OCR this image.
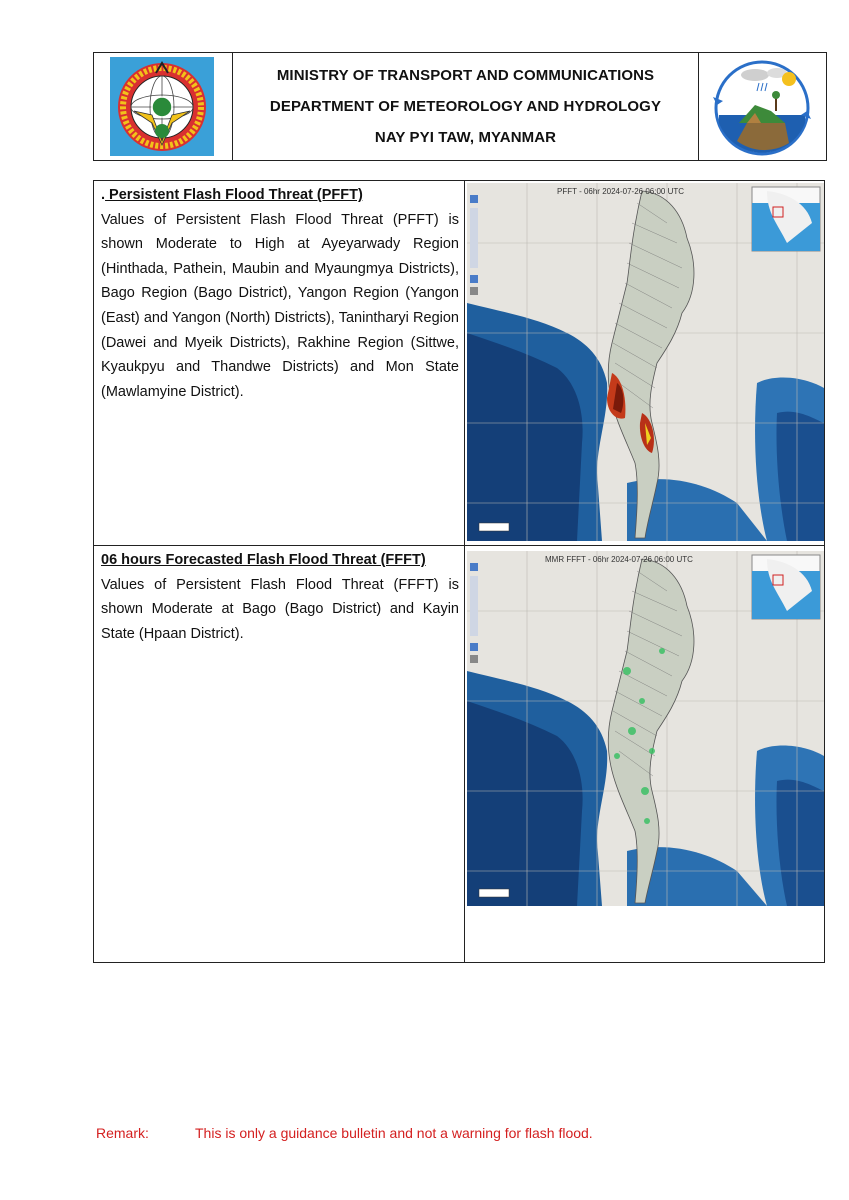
MINISTRY OF TRANSPORT AND COMMUNICATIONS
DEPARTMENT OF METEOROLOGY AND HYDROLOGY
NAY PYI TAW, MYANMAR
. Persistent Flash Flood Threat (PFFT)
Values of Persistent Flash Flood Threat (PFFT) is shown Moderate to High at Ayeyarwady Region (Hinthada, Pathein, Maubin and Myaungmya Districts), Bago Region (Bago District), Yangon Region (Yangon (East) and Yangon (North) Districts), Tanintharyi Region (Dawei and Myeik Districts), Rakhine Region (Sittwe, Kyaukpyu and Thandwe Districts) and Mon State (Mawlamyine District).
PFFT - 06hr 2024-07-26 06:00 UTC
06 hours Forecasted Flash Flood Threat (FFFT)
Values of Persistent Flash Flood Threat (FFFT) is shown Moderate at Bago (Bago District) and Kayin State (Hpaan District).
MMR FFFT - 06hr 2024-07-26 06:00 UTC
Remark:	This is only a guidance bulletin and not a warning for flash flood.
